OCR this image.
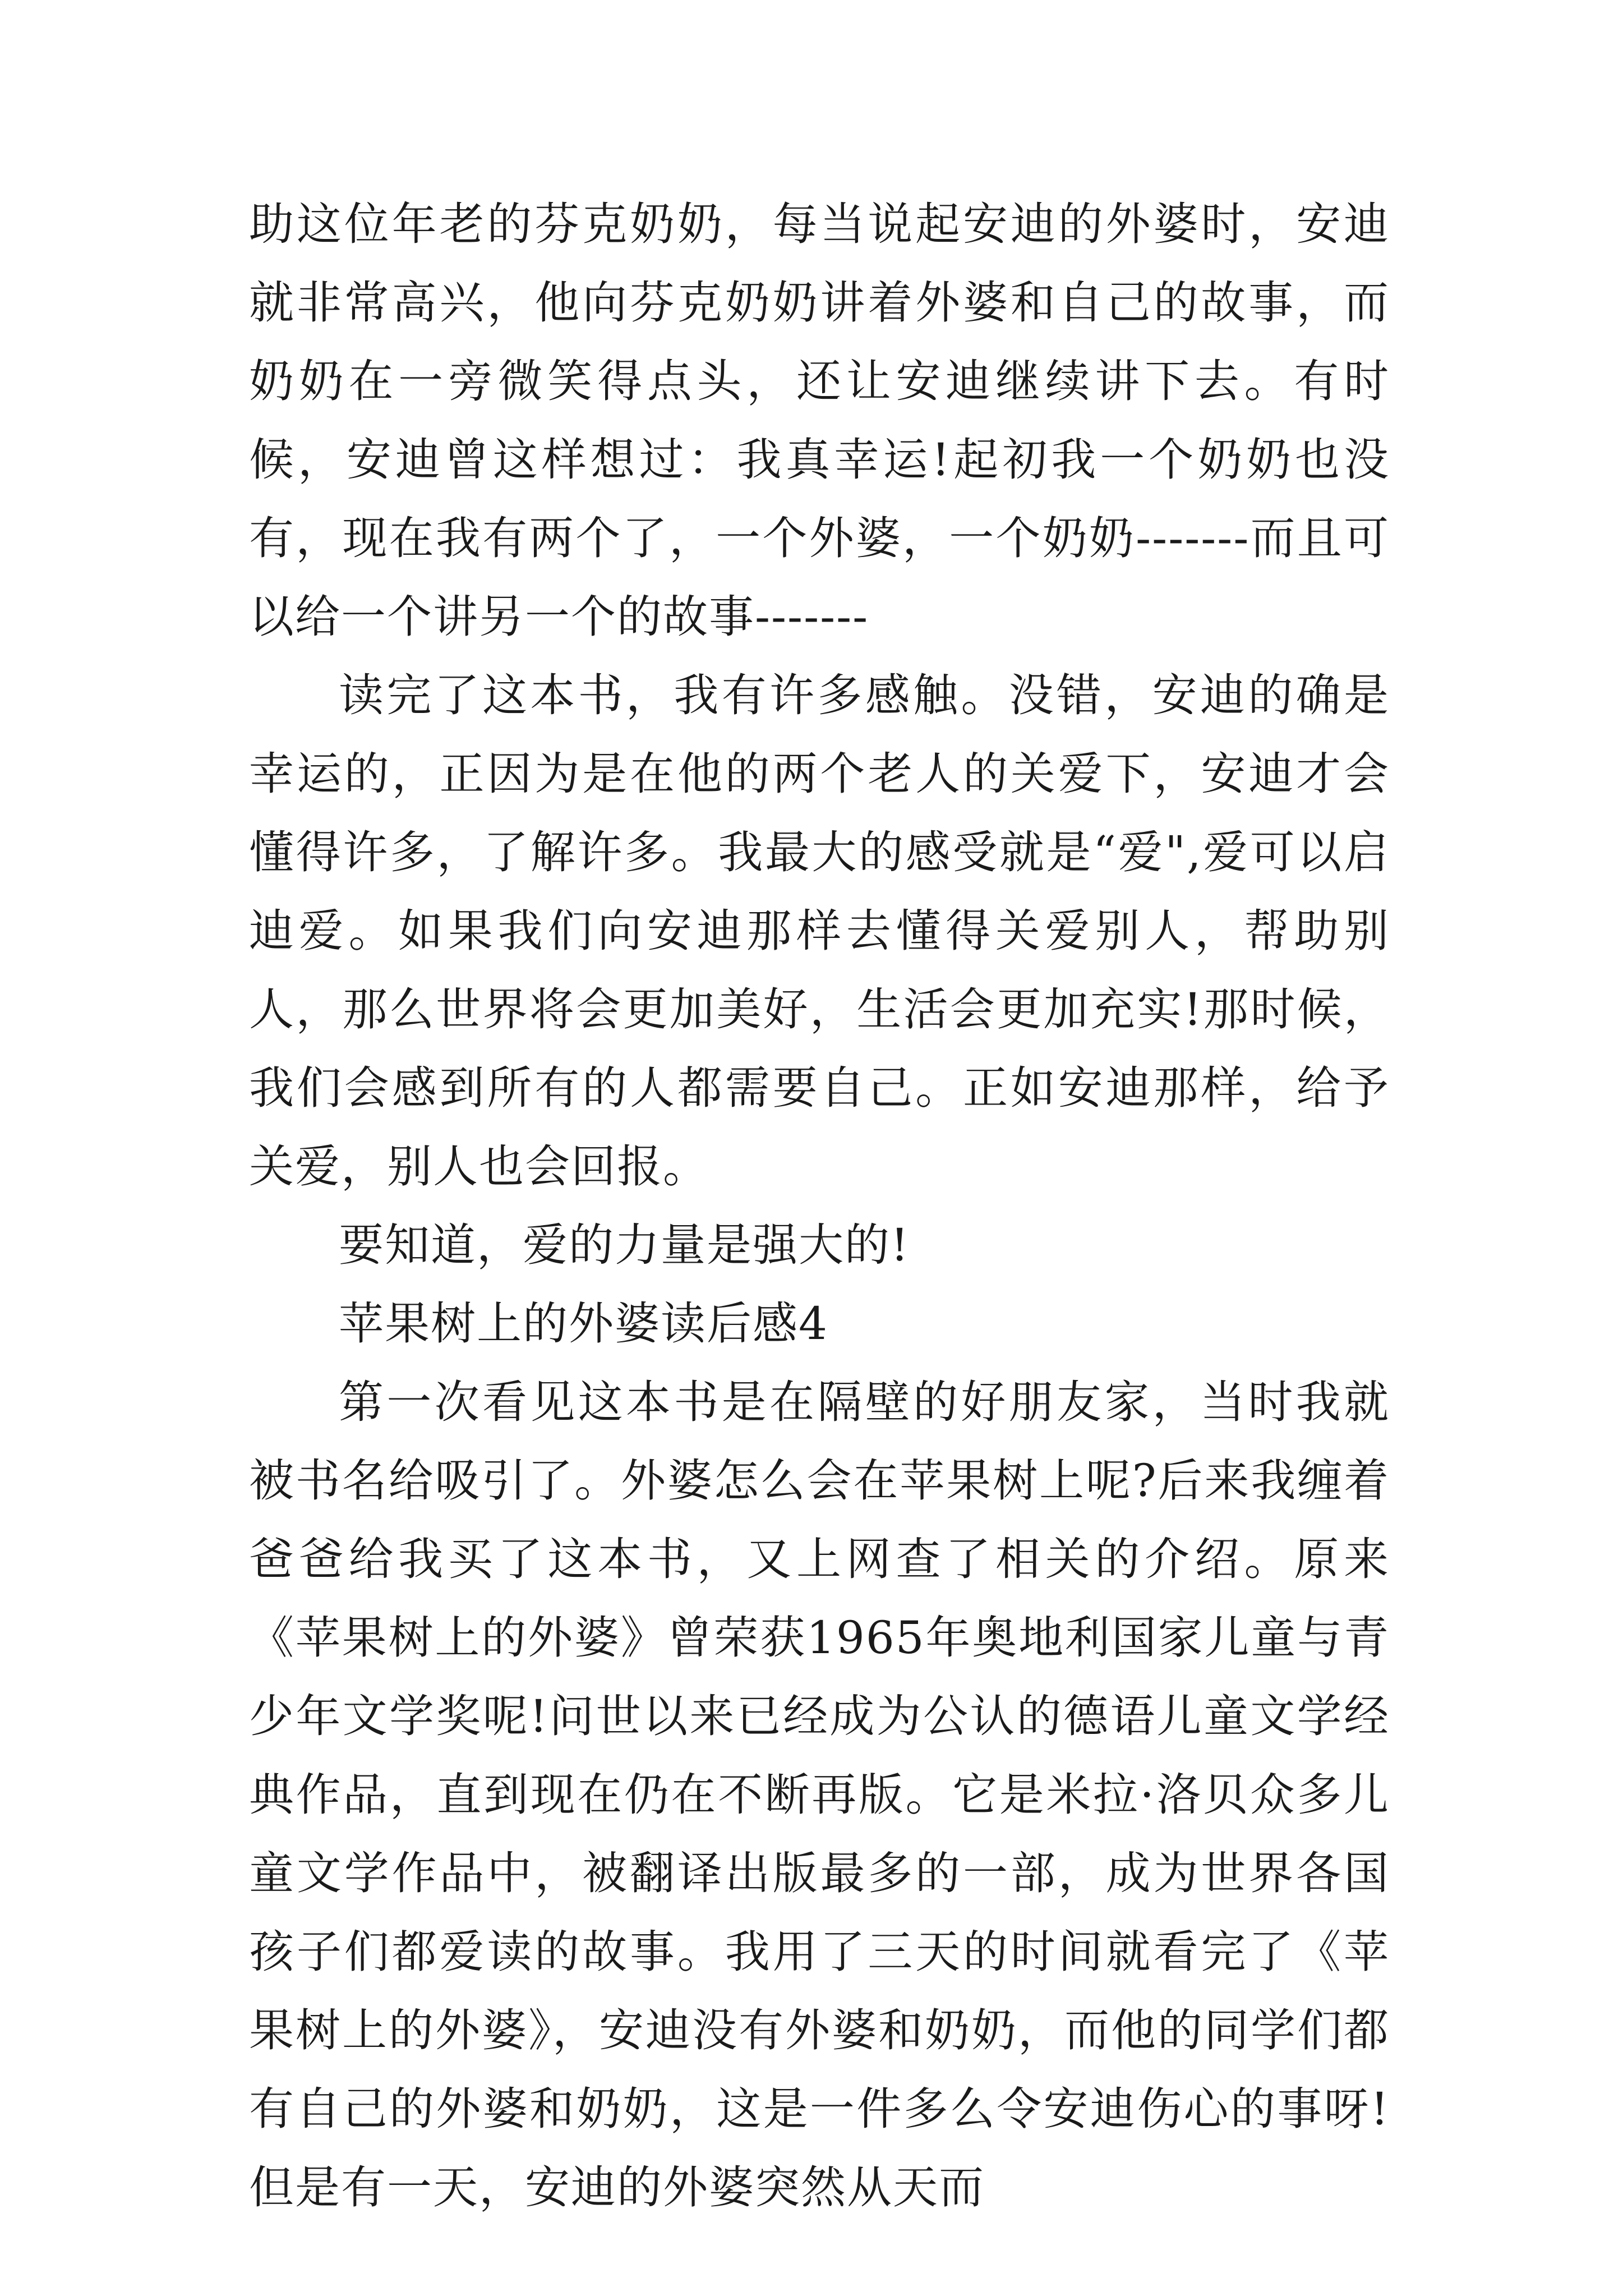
助这位年老的芬克奶奶，每当说起安迪的外婆时，安迪就非常高兴，他向芬克奶奶讲着外婆和自己的故事，而奶奶在一旁微笑得点头，还让安迪继续讲下去。有时候，安迪曾这样想过：我真幸运!起初我一个奶奶也没有，现在我有两个了，一个外婆，一个奶奶-------而且可以给一个讲另一个的故事-------

读完了这本书，我有许多感触。没错，安迪的确是幸运的，正因为是在他的两个老人的关爱下，安迪才会懂得许多，了解许多。我最大的感受就是“爱",爱可以启迪爱。如果我们向安迪那样去懂得关爱别人，帮助别人，那么世界将会更加美好，生活会更加充实!那时候，我们会感到所有的人都需要自己。正如安迪那样，给予关爱，别人也会回报。

要知道，爱的力量是强大的!

苹果树上的外婆读后感4

第一次看见这本书是在隔壁的好朋友家，当时我就被书名给吸引了。外婆怎么会在苹果树上呢?后来我缠着爸爸给我买了这本书，又上网查了相关的介绍。原来《苹果树上的外婆》曾荣获1965年奥地利国家儿童与青少年文学奖呢!问世以来已经成为公认的德语儿童文学经典作品，直到现在仍在不断再版。它是米拉·洛贝众多儿童文学作品中，被翻译出版最多的一部，成为世界各国孩子们都爱读的故事。我用了三天的时间就看完了《苹果树上的外婆》，安迪没有外婆和奶奶，而他的同学们都有自己的外婆和奶奶，这是一件多么令安迪伤心的事呀!但是有一天，安迪的外婆突然从天而
